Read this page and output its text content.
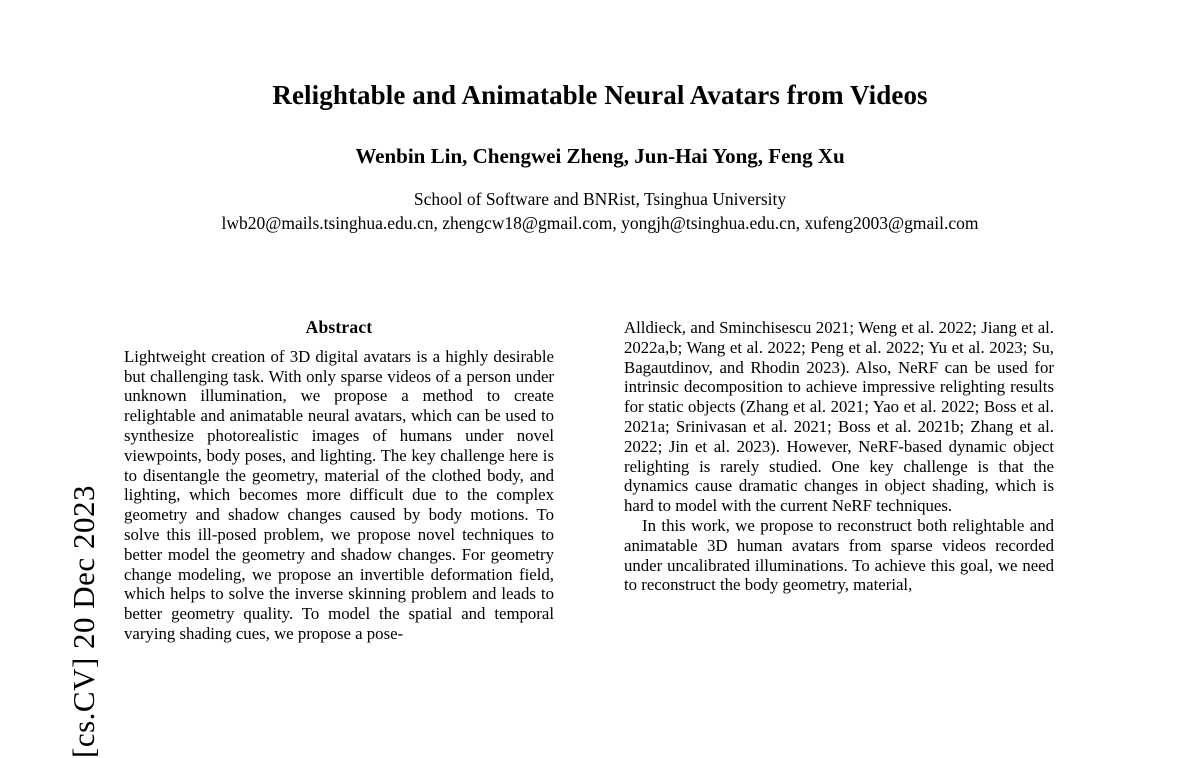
[cs.CV] 20 Dec 2023
Relightable and Animatable Neural Avatars from Videos
Wenbin Lin, Chengwei Zheng, Jun-Hai Yong, Feng Xu
School of Software and BNRist, Tsinghua University
lwb20@mails.tsinghua.edu.cn, zhengcw18@gmail.com, yongjh@tsinghua.edu.cn, xufeng2003@gmail.com
Abstract

Lightweight creation of 3D digital avatars is a highly desirable but challenging task. With only sparse videos of a person under unknown illumination, we propose a method to create relightable and animatable neural avatars, which can be used to synthesize photorealistic images of humans under novel viewpoints, body poses, and lighting. The key challenge here is to disentangle the geometry, material of the clothed body, and lighting, which becomes more difficult due to the complex geometry and shadow changes caused by body motions. To solve this ill-posed problem, we propose novel techniques to better model the geometry and shadow changes. For geometry change modeling, we propose an invertible deformation field, which helps to solve the inverse skinning problem and leads to better geometry quality. To model the spatial and temporal varying shading cues, we propose a pose-

Alldieck, and Sminchisescu 2021; Weng et al. 2022; Jiang et al. 2022a,b; Wang et al. 2022; Peng et al. 2022; Yu et al. 2023; Su, Bagautdinov, and Rhodin 2023). Also, NeRF can be used for intrinsic decomposition to achieve impressive relighting results for static objects (Zhang et al. 2021; Yao et al. 2022; Boss et al. 2021a; Srinivasan et al. 2021; Boss et al. 2021b; Zhang et al. 2022; Jin et al. 2023). However, NeRF-based dynamic object relighting is rarely studied. One key challenge is that the dynamics cause dramatic changes in object shading, which is hard to model with the current NeRF techniques.

In this work, we propose to reconstruct both relightable and animatable 3D human avatars from sparse videos recorded under uncalibrated illuminations. To achieve this goal, we need to reconstruct the body geometry, material,
